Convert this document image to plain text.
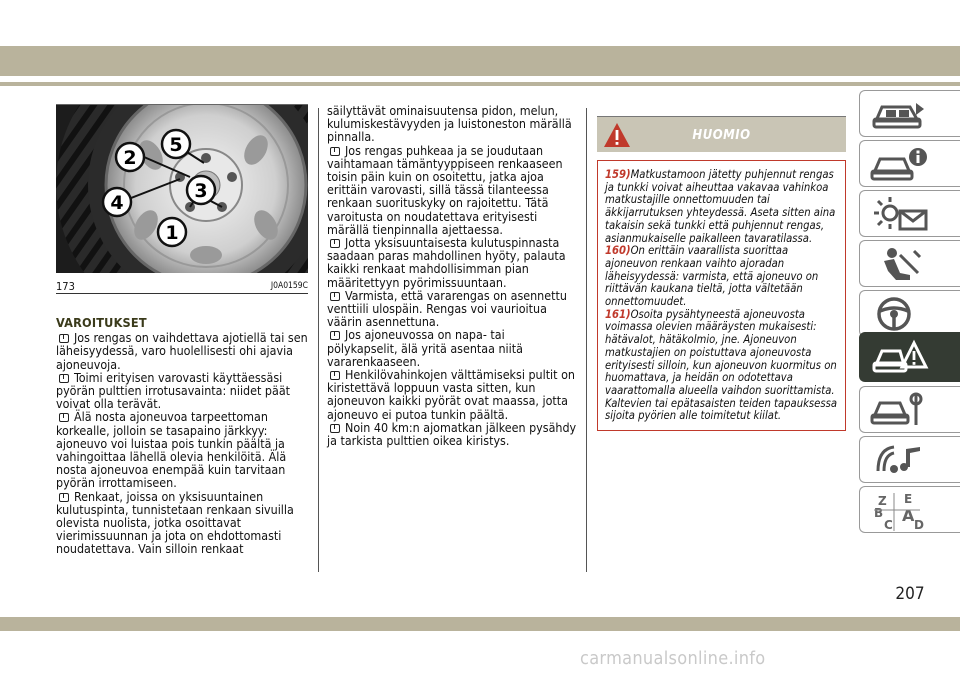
2
5
3
4
1
173	J0A0159C

VAROITUKSET

Jos rengas on vaihdettava ajotiellä tai sen läheisyydessä, varo huolellisesti ohi ajavia ajoneuvoja.

Toimi erityisen varovasti käyttäessäsi pyörän pulttien irrotusavainta: niidet päät voivat olla terävät.

Älä nosta ajoneuvoa tarpeettoman korkealle, jolloin se tasapaino järkkyy: ajoneuvo voi luistaa pois tunkin päältä ja vahingoittaa lähellä olevia henkilöitä. Älä nosta ajoneuvoa enempää kuin tarvitaan pyörän irrottamiseen.

Renkaat, joissa on yksisuuntainen kulutuspinta, tunnistetaan renkaan sivuilla olevista nuolista, jotka osoittavat vierimissuunnan ja jota on ehdottomasti noudatettava. Vain silloin renkaat

säilyttävät ominaisuutensa pidon, melun, kulumiskestävyyden ja luistoneston märällä pinnalla.

Jos rengas puhkeaa ja se joudutaan vaihtamaan tämäntyyppiseen renkaaseen toisin päin kuin on osoitettu, jatka ajoa erittäin varovasti, sillä tässä tilanteessa renkaan suorituskyky on rajoitettu. Tätä varoitusta on noudatettava erityisesti märällä tienpinnalla ajettaessa.

Jotta yksisuuntaisesta kulutuspinnasta saadaan paras mahdollinen hyöty, palauta kaikki renkaat mahdollisimman pian määritettyyn pyörimissuuntaan.

Varmista, että vararengas on asennettu venttiili ulospäin. Rengas voi vaurioitua väärin asennettuna.

Jos ajoneuvossa on napa- tai pölykapselit, älä yritä asentaa niitä vararenkaaseen.

Henkilövahinkojen välttämiseksi pultit on kiristettävä loppuun vasta sitten, kun ajoneuvon kaikki pyörät ovat maassa, jotta ajoneuvo ei putoa tunkin päältä.

Noin 40 km:n ajomatkan jälkeen pysähdy ja tarkista pulttien oikea kiristys.

HUOMIO

159)Matkustamoon jätetty puhjennut rengas ja tunkki voivat aiheuttaa vakavaa vahinkoa matkustajille onnettomuuden tai äkkijarrutuksen yhteydessä. Aseta sitten aina takaisin sekä tunkki että puhjennut rengas, asianmukaiselle paikalleen tavaratilassa.

160)On erittäin vaarallista suorittaa ajoneuvon renkaan vaihto ajoradan läheisyydessä: varmista, että ajoneuvo on riittävän kaukana tieltä, jotta vältetään onnettomuudet.

161)Osoita pysähtyneestä ajoneuvosta voimassa olevien määräysten mukaisesti: hätävalot, hätäkolmio, jne. Ajoneuvon matkustajien on poistuttava ajoneuvosta erityisesti silloin, kun ajoneuvon kuormitus on huomattava, ja heidän on odotettava vaarattomalla alueella vaihdon suorittamista. Kaltevien tai epätasaisten teiden tapauksessa sijoita pyörien alle toimitetut kiilat.

Z E
B A
C D
207
carmanualsonline.info
